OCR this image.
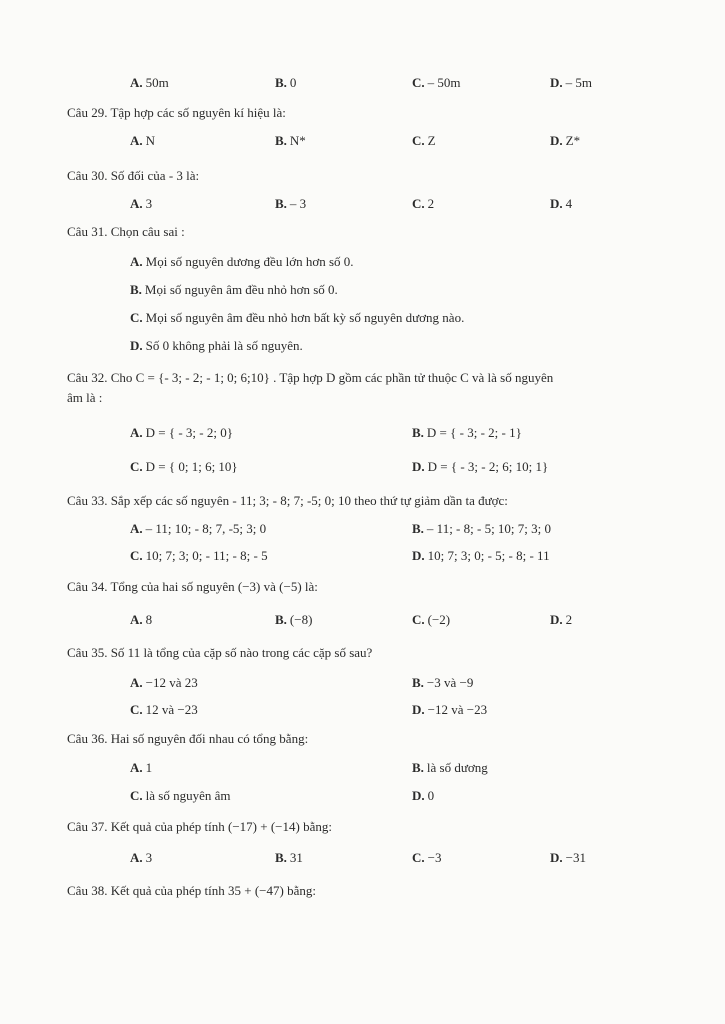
A. 50m	B. 0	C. – 50m	D. – 5m
Câu 29. Tập hợp các số nguyên kí hiệu là:
A. N	B. N*	C. Z	D. Z*
Câu 30. Số đối của - 3 là:
A. 3	B. – 3	C. 2	D. 4
Câu 31. Chọn câu sai :
A. Mọi số nguyên dương đều lớn hơn số 0.
B. Mọi số nguyên âm đều nhỏ hơn số 0.
C. Mọi số nguyên âm đều nhỏ hơn bất kỳ số nguyên dương nào.
D. Số 0 không phải là số nguyên.
Câu 32. Cho C = {- 3; - 2; - 1; 0; 6;10} . Tập hợp D gồm các phần tử thuộc C và là số nguyên
âm là :
A. D = { - 3; - 2; 0}	B. D = { - 3; - 2; - 1}
C. D = { 0; 1; 6; 10}	D. D = { - 3; - 2; 6; 10; 1}
Câu 33. Sắp xếp các số nguyên - 11; 3; - 8; 7; -5; 0; 10 theo thứ tự giảm dần ta được:
A. – 11; 10; - 8; 7, -5; 3; 0	B. – 11; - 8; - 5; 10; 7; 3; 0
C. 10; 7; 3; 0; - 11; - 8; - 5	D. 10; 7; 3; 0; - 5; - 8; - 11
Câu 34. Tổng của hai số nguyên (−3) và (−5) là:
A. 8	B. (−8)	C. (−2)	D. 2
Câu 35. Số 11 là tổng của cặp số nào trong các cặp số sau?
A. −12 và 23	B. −3 và −9
C. 12 và −23	D. −12 và −23
Câu 36. Hai số nguyên đối nhau có tổng bằng:
A. 1	B. là số dương
C. là số nguyên âm	D. 0
Câu 37. Kết quả của phép tính (−17) + (−14) bằng:
A. 3	B. 31	C. −3	D. −31
Câu 38. Kết quả của phép tính 35 + (−47) bằng:
